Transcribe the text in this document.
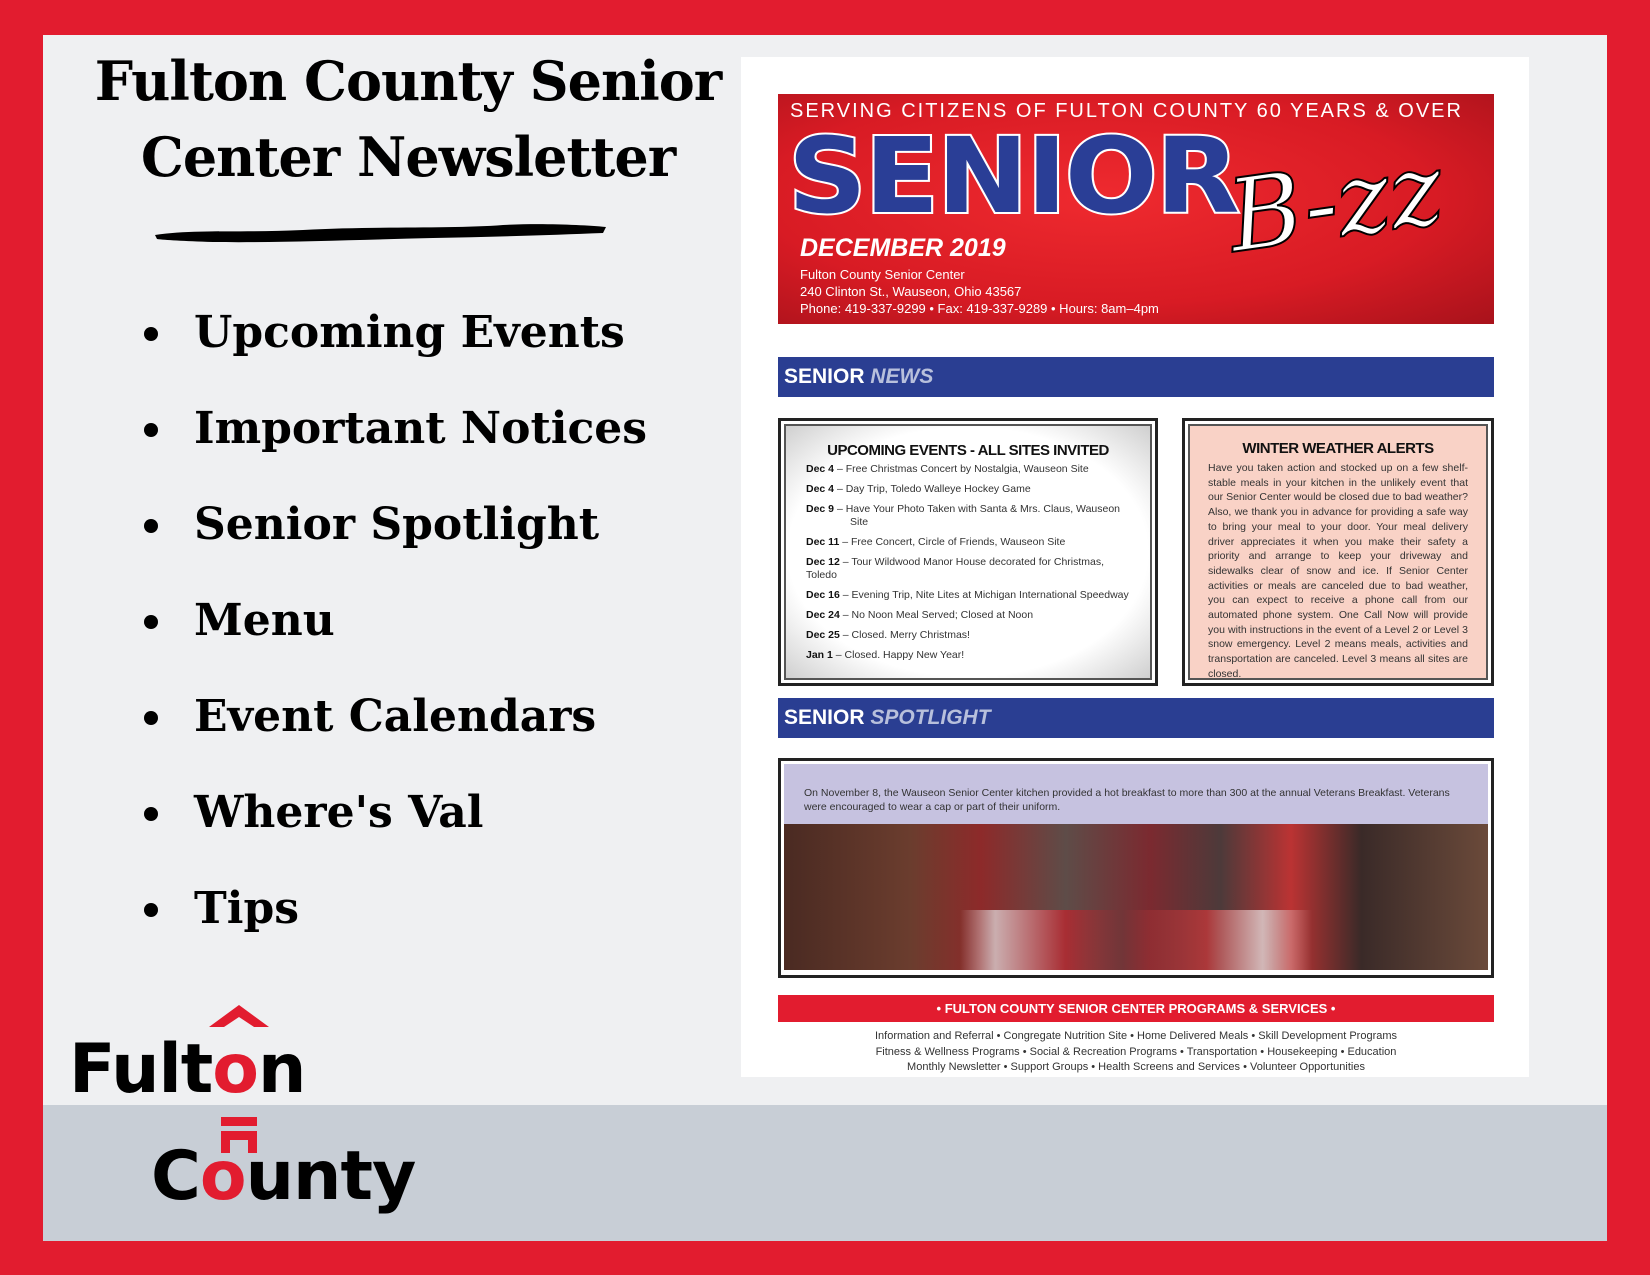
Fulton County Senior
Center Newsletter
Upcoming Events
Important Notices
Senior Spotlight
Menu
Event Calendars
Where's Val
Tips
Fulton
County
SERVING CITIZENS OF FULTON COUNTY 60 YEARS & OVER
SENIOR
B-zz
DECEMBER 2019
Fulton County Senior Center
240 Clinton St., Wauseon, Ohio 43567
Phone: 419-337-9299 • Fax: 419-337-9289 • Hours: 8am–4pm
SENIOR NEWS
UPCOMING EVENTS - ALL SITES INVITED
Dec 4 – Free Christmas Concert by Nostalgia, Wauseon Site
Dec 4 – Day Trip, Toledo Walleye Hockey Game
Dec 9 – Have Your Photo Taken with Santa & Mrs. Claus, Wauseon Site
Dec 11 – Free Concert, Circle of Friends, Wauseon Site
Dec 12 – Tour Wildwood Manor House decorated for Christmas, Toledo
Dec 16 – Evening Trip, Nite Lites at Michigan International Speedway
Dec 24 – No Noon Meal Served; Closed at Noon
Dec 25 – Closed. Merry Christmas!
Jan 1 – Closed. Happy New Year!
WINTER WEATHER ALERTS
Have you taken action and stocked up on a few shelf-stable meals in your kitchen in the unlikely event that our Senior Center would be closed due to bad weather? Also, we thank you in advance for providing a safe way to bring your meal to your door. Your meal delivery driver appreciates it when you make their safety a priority and arrange to keep your driveway and sidewalks clear of snow and ice. If Senior Center activities or meals are canceled due to bad weather, you can expect to receive a phone call from our automated phone system. One Call Now will provide you with instructions in the event of a Level 2 or Level 3 snow emergency. Level 2 means meals, activities and transportation are canceled. Level 3 means all sites are closed.
SENIOR SPOTLIGHT
On November 8, the Wauseon Senior Center kitchen provided a hot breakfast to more than 300 at the annual Veterans Breakfast. Veterans were encouraged to wear a cap or part of their uniform.
• FULTON COUNTY SENIOR CENTER PROGRAMS & SERVICES •
Information and Referral • Congregate Nutrition Site • Home Delivered Meals • Skill Development Programs
Fitness & Wellness Programs • Social & Recreation Programs • Transportation • Housekeeping • Education
Monthly Newsletter • Support Groups • Health Screens and Services • Volunteer Opportunities
